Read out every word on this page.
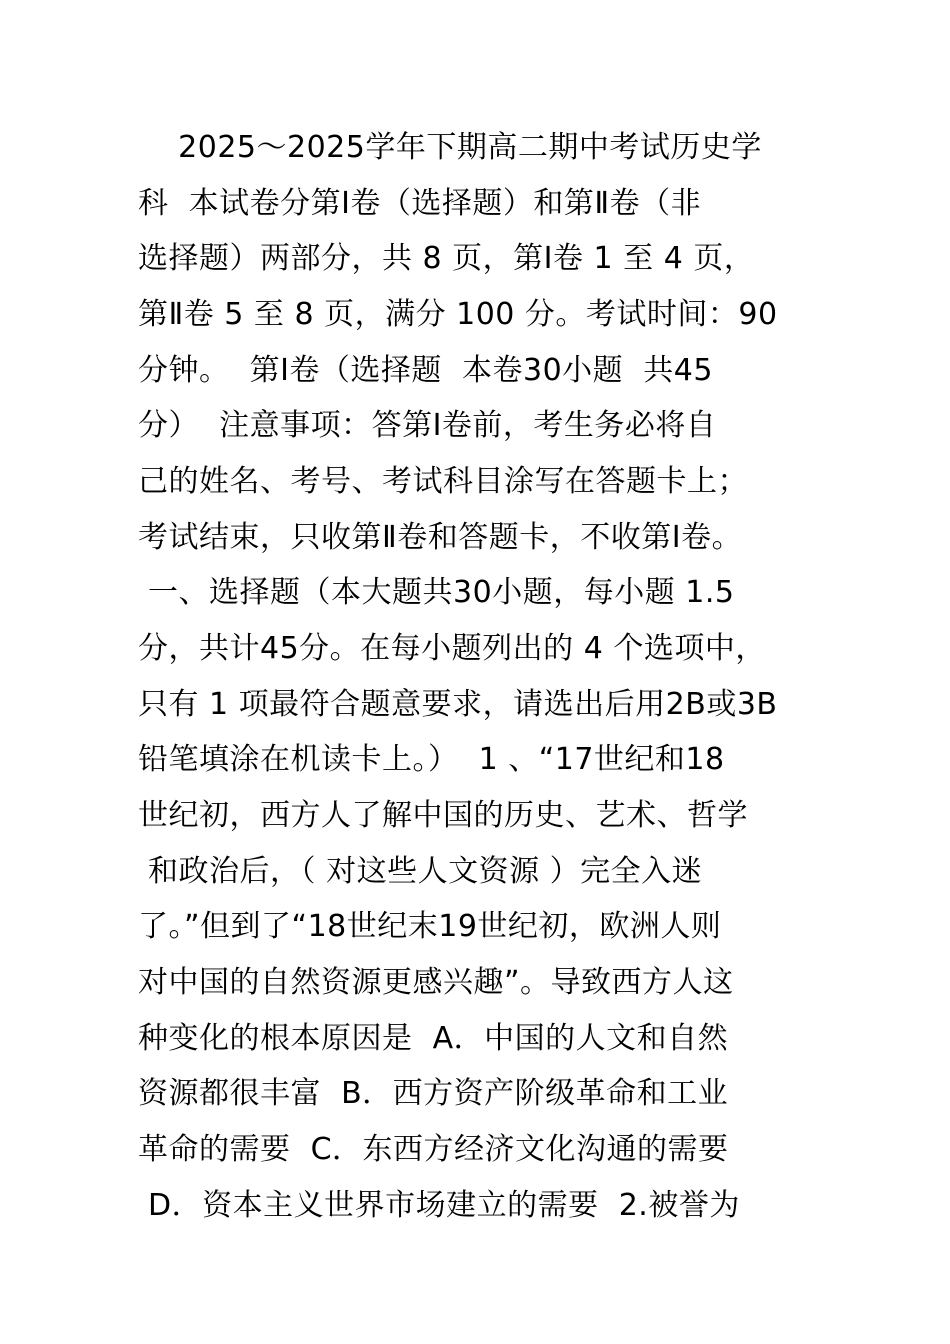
2025～2025学年下期高二期中考试历史学
科  本试卷分第Ⅰ卷（选择题）和第Ⅱ卷（非
选择题）两部分，共 8 页，第Ⅰ卷 1 至 4 页，
第Ⅱ卷 5 至 8 页，满分 100 分。考试时间：90
分钟。  第Ⅰ卷（选择题  本卷30小题  共45
分）  注意事项：答第Ⅰ卷前，考生务必将自
己的姓名、考号、考试科目涂写在答题卡上；
考试结束，只收第Ⅱ卷和答题卡，不收第Ⅰ卷。
一、选择题（本大题共30小题，每小题 1.5
分，共计45分。在每小题列出的 4 个选项中，
只有 1 项最符合题意要求，请选出后用2B或3B
铅笔填涂在机读卡上。）  1 、“17世纪和18
世纪初，西方人了解中国的历史、艺术、哲学
和政治后，（ 对这些人文资源 ）完全入迷
了。”但到了“18世纪末19世纪初，欧洲人则
对中国的自然资源更感兴趣”。导致西方人这
种变化的根本原因是  A．中国的人文和自然
资源都很丰富  B．西方资产阶级革命和工业
革命的需要  C．东西方经济文化沟通的需要
D．资本主义世界市场建立的需要  2.被誉为
